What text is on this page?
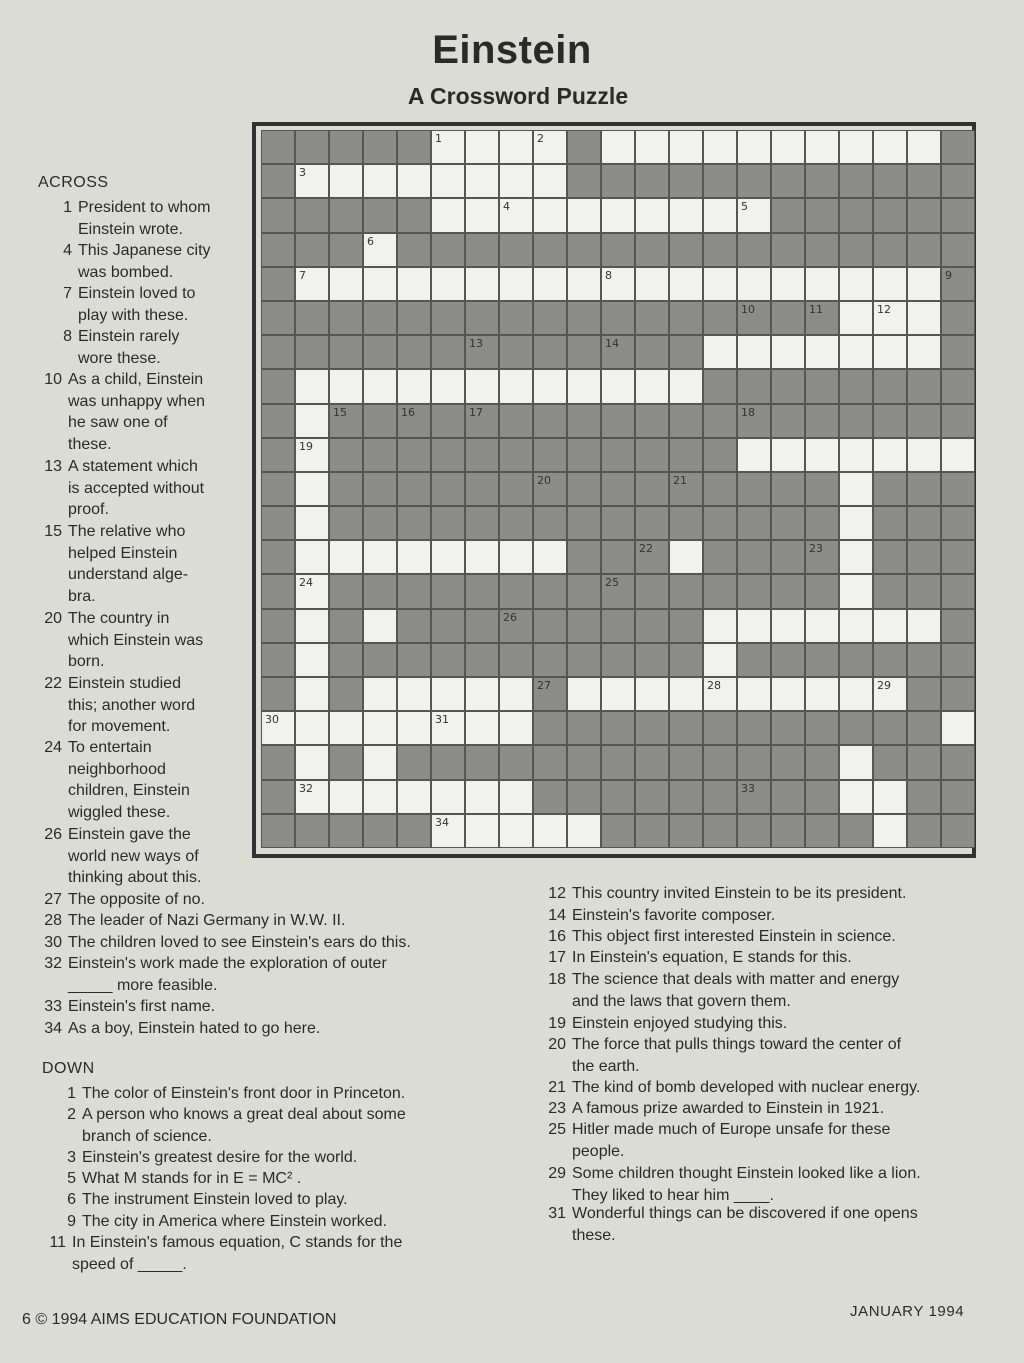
Einstein
A Crossword Puzzle
1	2
3
4	5
6
7	8	9
10	11	12
13	14
15	16	17	18
19
20	21
22	23
24	25
26
27	28	29
30	31
32	33
34
ACROSS
DOWN
1 President to whom
Einstein wrote.
4 This Japanese city
was bombed.
7 Einstein loved to
play with these.
8 Einstein rarely
wore these.
10 As a child, Einstein
was unhappy when
he saw one of
these.
13 A statement which
is accepted without
proof.
15 The relative who
helped Einstein
understand alge-
bra.
20 The country in
which Einstein was
born.
22 Einstein studied
this; another word
for movement.
24 To entertain
neighborhood
children, Einstein
wiggled these.
26 Einstein gave the
world new ways of
thinking about this.
27 The opposite of no.
28 The leader of Nazi Germany in W.W. II.
30 The children loved to see Einstein's ears do this.
32 Einstein's work made the exploration of outer
_____ more feasible.
33 Einstein's first name.
34 As a boy, Einstein hated to go here.
1 The color of Einstein's front door in Princeton.
2 A person who knows a great deal about some
branch of science.
3 Einstein's greatest desire for the world.
5 What M stands for in E = MC² .
6 The instrument Einstein loved to play.
9 The city in America where Einstein worked.
11 In Einstein's famous equation, C stands for the
speed of _____.
12 This country invited Einstein to be its president.
14 Einstein's favorite composer.
16 This object first interested Einstein in science.
17 In Einstein's equation, E stands for this.
18 The science that deals with matter and energy
and the laws that govern them.
19 Einstein enjoyed studying this.
20 The force that pulls things toward the center of
the earth.
21 The kind of bomb developed with nuclear energy.
23 A famous prize awarded to Einstein in 1921.
25 Hitler made much of Europe unsafe for these
people.
29 Some children thought Einstein looked like a lion.
They liked to hear him ____.
31 Wonderful things can be discovered if one opens
these.
6 © 1994 AIMS EDUCATION FOUNDATION	JANUARY 1994
